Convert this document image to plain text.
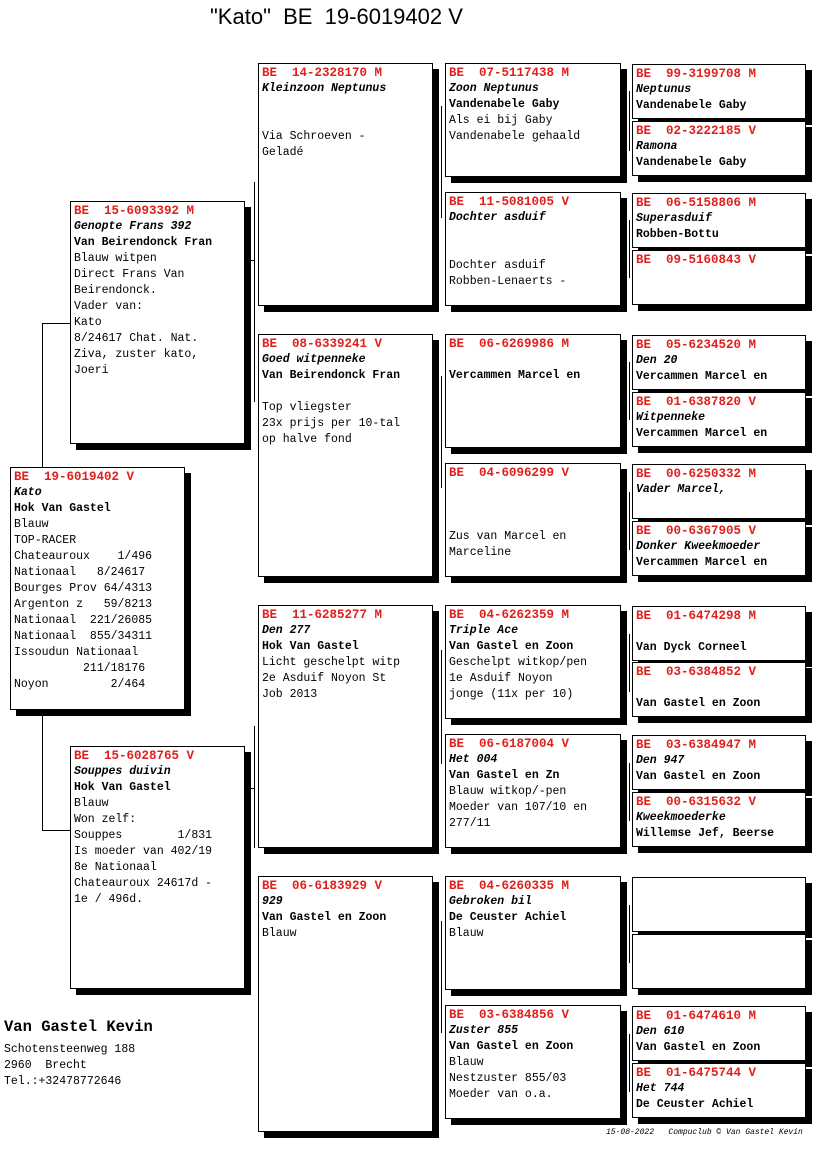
"Kato"  BE  19-6019402 V
BE  19-6019402 V
Kato
Hok Van Gastel
Blauw
TOP-RACER
Chateauroux    1/496
Nationaal   8/24617
Bourges Prov 64/4313
Argenton z   59/8213
Nationaal  221/26085
Nationaal  855/34311
Issoudun Nationaal
211/18176
Noyon         2/464
BE  15-6093392 M
Genopte Frans 392
Van Beirendonck Fran
Blauw witpen
Direct Frans Van
Beirendonck.
Vader van:
Kato
8/24617 Chat. Nat.
Ziva, zuster kato,
Joeri
BE  15-6028765 V
Souppes duivin
Hok Van Gastel
Blauw
Won zelf:
Souppes        1/831
Is moeder van 402/19
8e Nationaal
Chateauroux 24617d -
1e / 496d.
BE  14-2328170 M
Kleinzoon Neptunus
Via Schroeven -
Geladé
BE  08-6339241 V
Goed witpenneke
Van Beirendonck Fran
Top vliegster
23x prijs per 10-tal
op halve fond
BE  11-6285277 M
Den 277
Hok Van Gastel
Licht geschelpt witp
2e Asduif Noyon St
Job 2013
BE  06-6183929 V
929
Van Gastel en Zoon
Blauw
BE  07-5117438 M
Zoon Neptunus
Vandenabele Gaby
Als ei bij Gaby
Vandenabele gehaald
BE  11-5081005 V
Dochter asduif
Dochter asduif
Robben-Lenaerts -
BE  06-6269986 M
Vercammen Marcel en
BE  04-6096299 V
Zus van Marcel en
Marceline
BE  04-6262359 M
Triple Ace
Van Gastel en Zoon
Geschelpt witkop/pen
1e Asduif Noyon
jonge (11x per 10)
BE  06-6187004 V
Het 004
Van Gastel en Zn
Blauw witkop/-pen
Moeder van 107/10 en
277/11
BE  04-6260335 M
Gebroken bil
De Ceuster Achiel
Blauw
BE  03-6384856 V
Zuster 855
Van Gastel en Zoon
Blauw
Nestzuster 855/03
Moeder van o.a.
BE  99-3199708 M
Neptunus
Vandenabele Gaby
BE  02-3222185 V
Ramona
Vandenabele Gaby
BE  06-5158806 M
Superasduif
Robben-Bottu
BE  09-5160843 V
BE  05-6234520 M
Den 20
Vercammen Marcel en
BE  01-6387820 V
Witpenneke
Vercammen Marcel en
BE  00-6250332 M
Vader Marcel,
BE  00-6367905 V
Donker Kweekmoeder
Vercammen Marcel en
BE  01-6474298 M
Van Dyck Corneel
BE  03-6384852 V
Van Gastel en Zoon
BE  03-6384947 M
Den 947
Van Gastel en Zoon
BE  00-6315632 V
Kweekmoederke
Willemse Jef, Beerse
BE  01-6474610 M
Den 610
Van Gastel en Zoon
BE  01-6475744 V
Het 744
De Ceuster Achiel
Van Gastel Kevin
Schotensteenweg 188
2960  Brecht
Tel.:+32478772646
15-08-2022   Compuclub © Van Gastel Kevin
